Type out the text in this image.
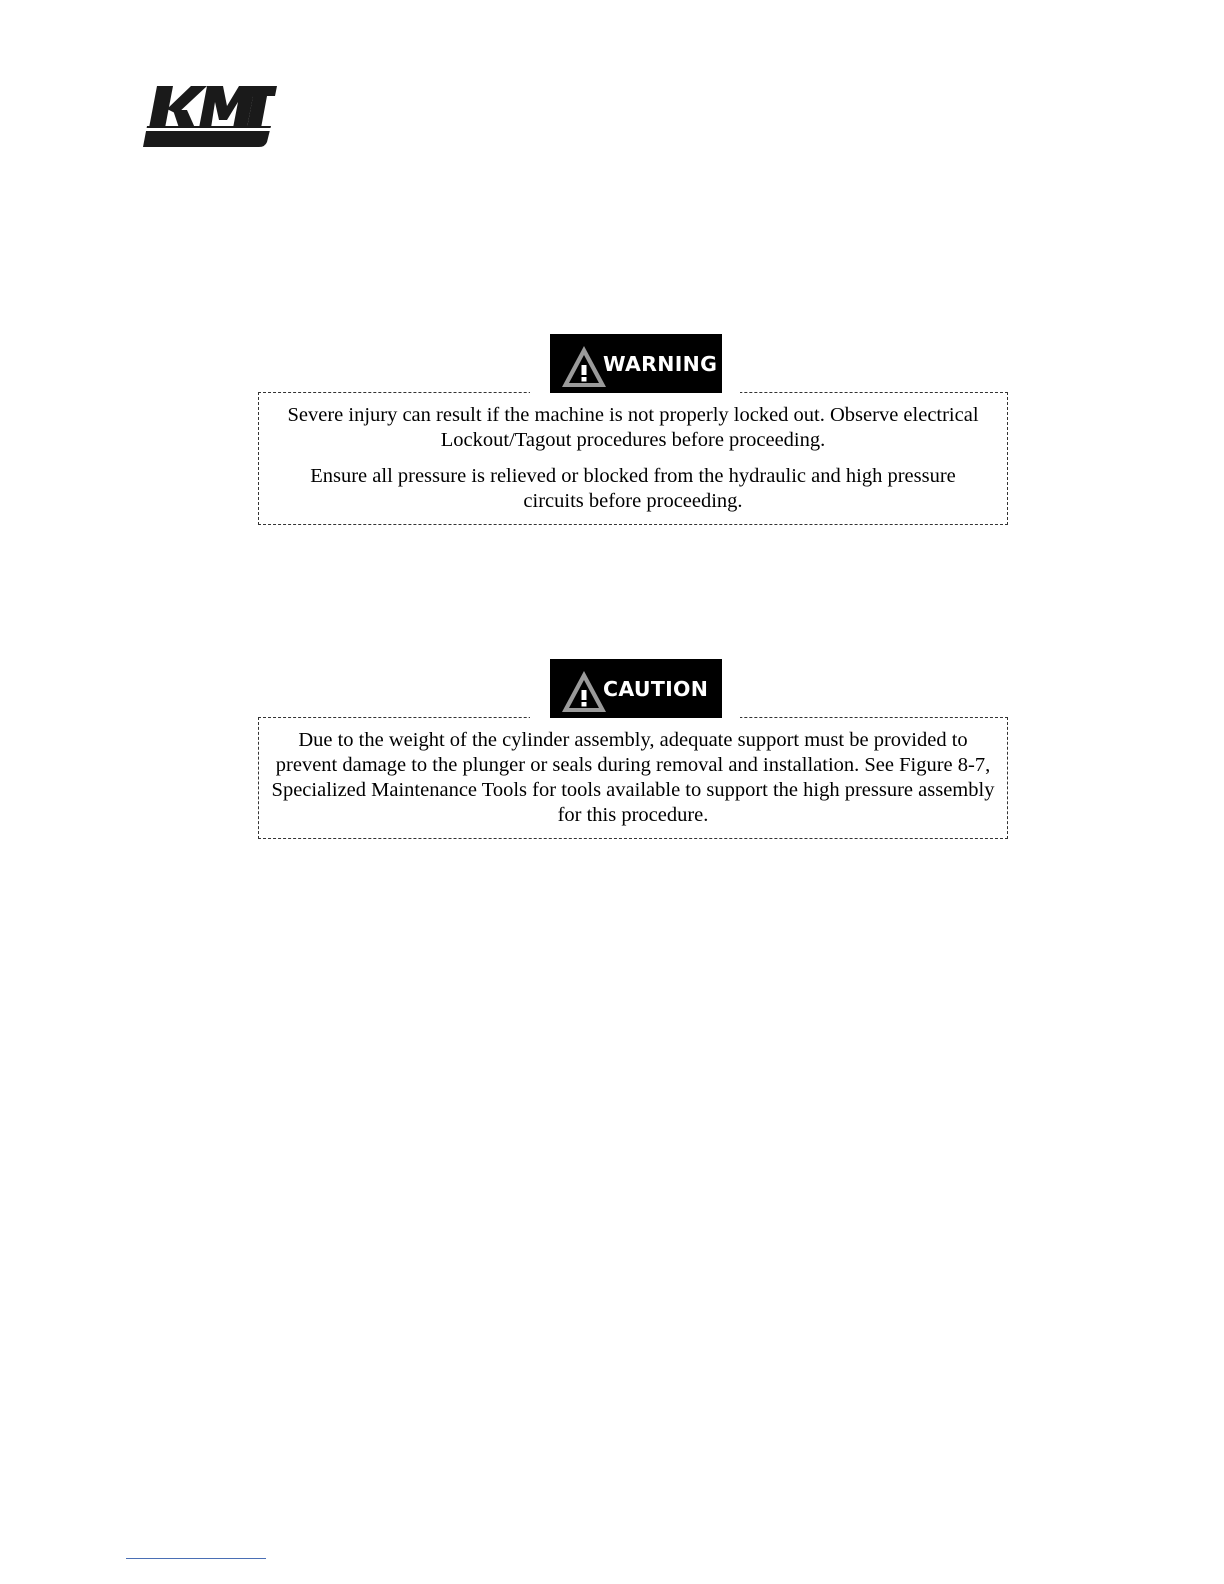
WARNING

Severe injury can result if the machine is not properly locked out. Observe electrical Lockout/Tagout procedures before proceeding.

Ensure all pressure is relieved or blocked from the hydraulic and high pressure circuits before proceeding.

CAUTION

Due to the weight of the cylinder assembly, adequate support must be provided to prevent damage to the plunger or seals during removal and installation. See Figure 8-7, Specialized Maintenance Tools for tools available to support the high pressure assembly for this procedure.
